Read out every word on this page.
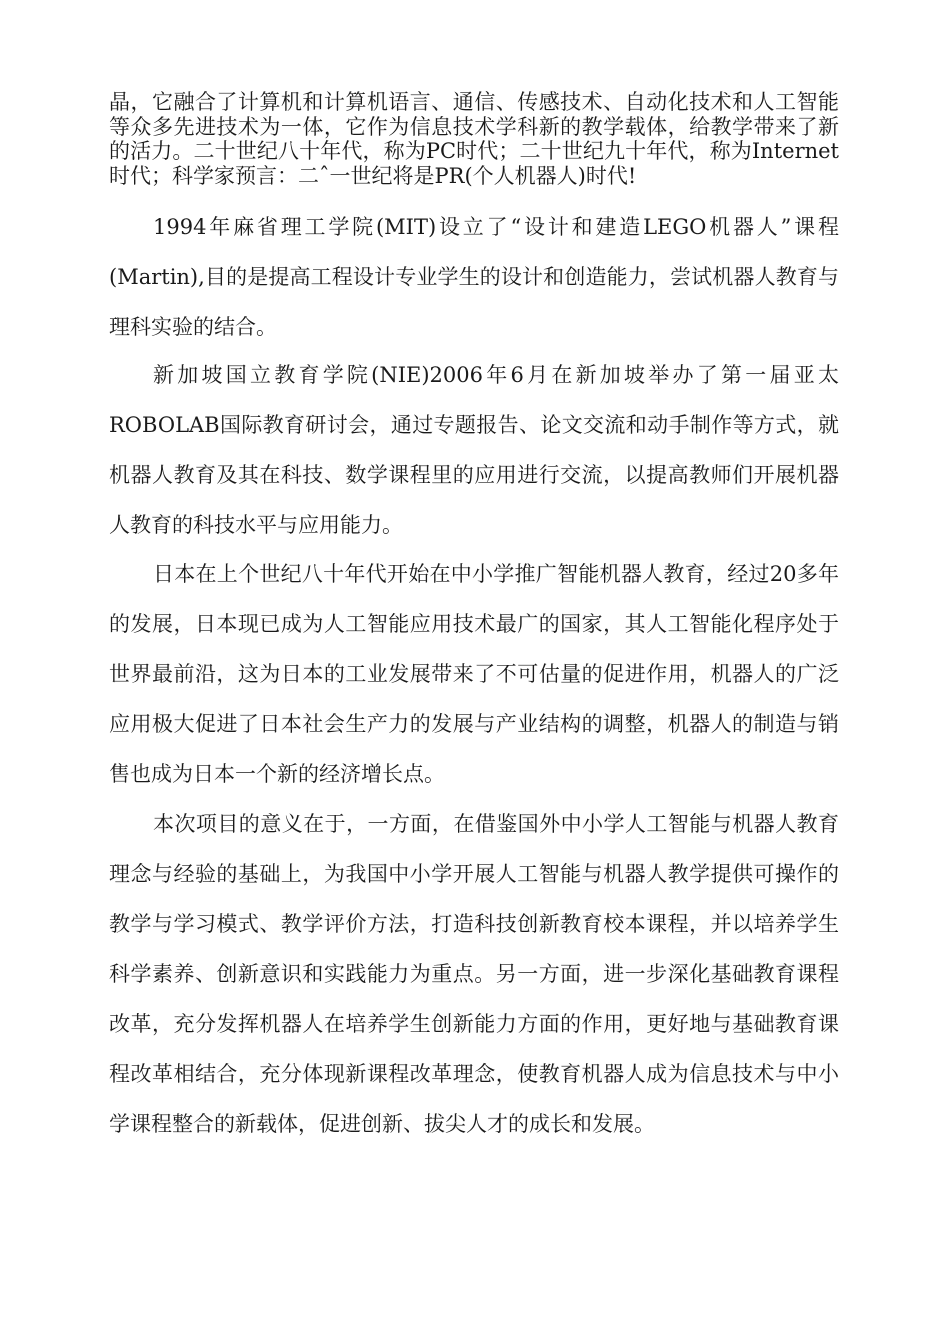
晶，它融合了计算机和计算机语言、通信、传感技术、自动化技术和人工智能等众多先进技术为一体，它作为信息技术学科新的教学载体，给教学带来了新的活力。二十世纪八十年代，称为PC时代；二十世纪九十年代，称为Internet时代；科学家预言：二ˆ一世纪将是PR(个人机器人)时代!

1994年麻省理工学院(MIT)设立了“设计和建造LEGO机器人”课程(Martin),目的是提高工程设计专业学生的设计和创造能力，尝试机器人教育与理科实验的结合。

新加坡国立教育学院(NIE)2006年6月在新加坡举办了第一届亚太ROBOLAB国际教育研讨会，通过专题报告、论文交流和动手制作等方式，就机器人教育及其在科技、数学课程里的应用进行交流，以提高教师们开展机器人教育的科技水平与应用能力。

日本在上个世纪八十年代开始在中小学推广智能机器人教育，经过20多年的发展，日本现已成为人工智能应用技术最广的国家，其人工智能化程序处于世界最前沿，这为日本的工业发展带来了不可估量的促进作用，机器人的广泛应用极大促进了日本社会生产力的发展与产业结构的调整，机器人的制造与销售也成为日本一个新的经济增长点。

本次项目的意义在于，一方面，在借鉴国外中小学人工智能与机器人教育理念与经验的基础上，为我国中小学开展人工智能与机器人教学提供可操作的教学与学习模式、教学评价方法，打造科技创新教育校本课程，并以培养学生科学素养、创新意识和实践能力为重点。另一方面，进一步深化基础教育课程改革，充分发挥机器人在培养学生创新能力方面的作用，更好地与基础教育课程改革相结合，充分体现新课程改革理念，使教育机器人成为信息技术与中小学课程整合的新载体，促进创新、拔尖人才的成长和发展。
